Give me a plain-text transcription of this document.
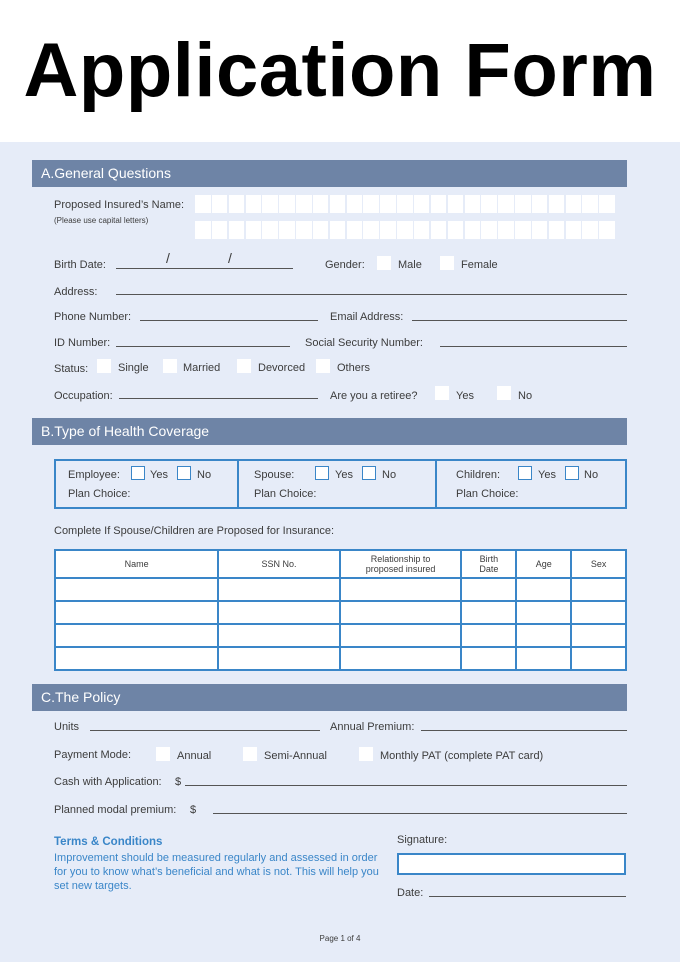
Application Form
A.General Questions
Proposed Insured’s Name:
(Please use capital letters)
Birth Date:	/	/	Gender:	Male	Female
Address:
Phone Number:	Email Address:
ID Number:	Social Security Number:
Status:	Single	Married	Devorced	Others
Occupation:	Are you a retiree?	Yes	No
B.Type of Health Coverage
Employee:	Yes	No
Plan Choice:
Spouse:	Yes	No
Plan Choice:
Children:	Yes	No
Plan Choice:
Complete If Spouse/Children are Proposed for Insurance:
Name	SSN No.	Relationship to proposed insured	Birth Date	Age	Sex

C.The Policy
Units	Annual Premium:
Payment Mode:	Annual	Semi-Annual	Monthly PAT (complete PAT card)
Cash with Application: $
Planned modal premium: $
Terms & Conditions
Improvement should be measured regularly and assessed in order for you to know what’s beneficial and what is not. This will help you set new targets.
Signature:
Date:
Page 1 of 4
